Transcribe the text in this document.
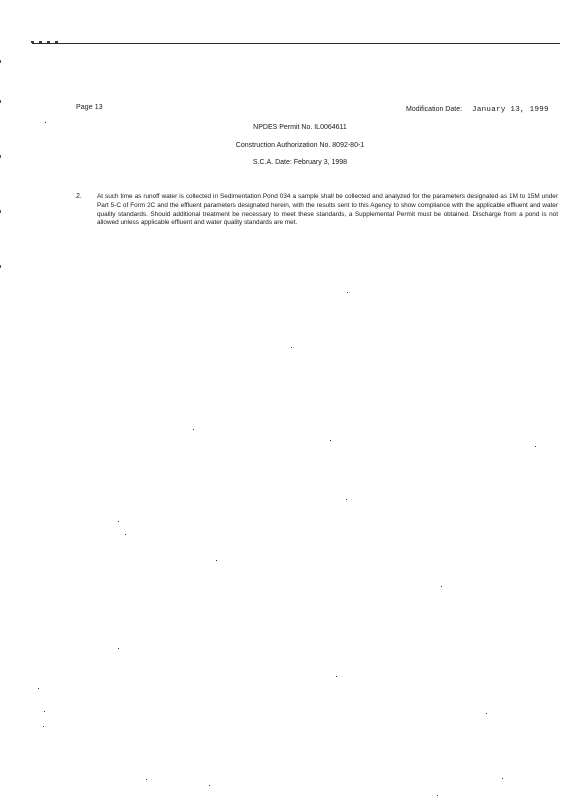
Page 13	Modification Date: January 13, 1999
NPDES Permit No. IL0064611
Construction Authorization No. 8092-80-1
S.C.A. Date: February 3, 1998
2. At such time as runoff water is collected in Sedimentation Pond 034 a sample shall be collected and analyzed for the parameters designated as 1M to 15M under Part 5-C of Form 2C and the effluent parameters designated herein, with the results sent to this Agency to show compliance with the applicable effluent and water quality standards. Should additional treatment be necessary to meet these standards, a Supplemental Permit must be obtained. Discharge from a pond is not allowed unless applicable effluent and water quality standards are met.
